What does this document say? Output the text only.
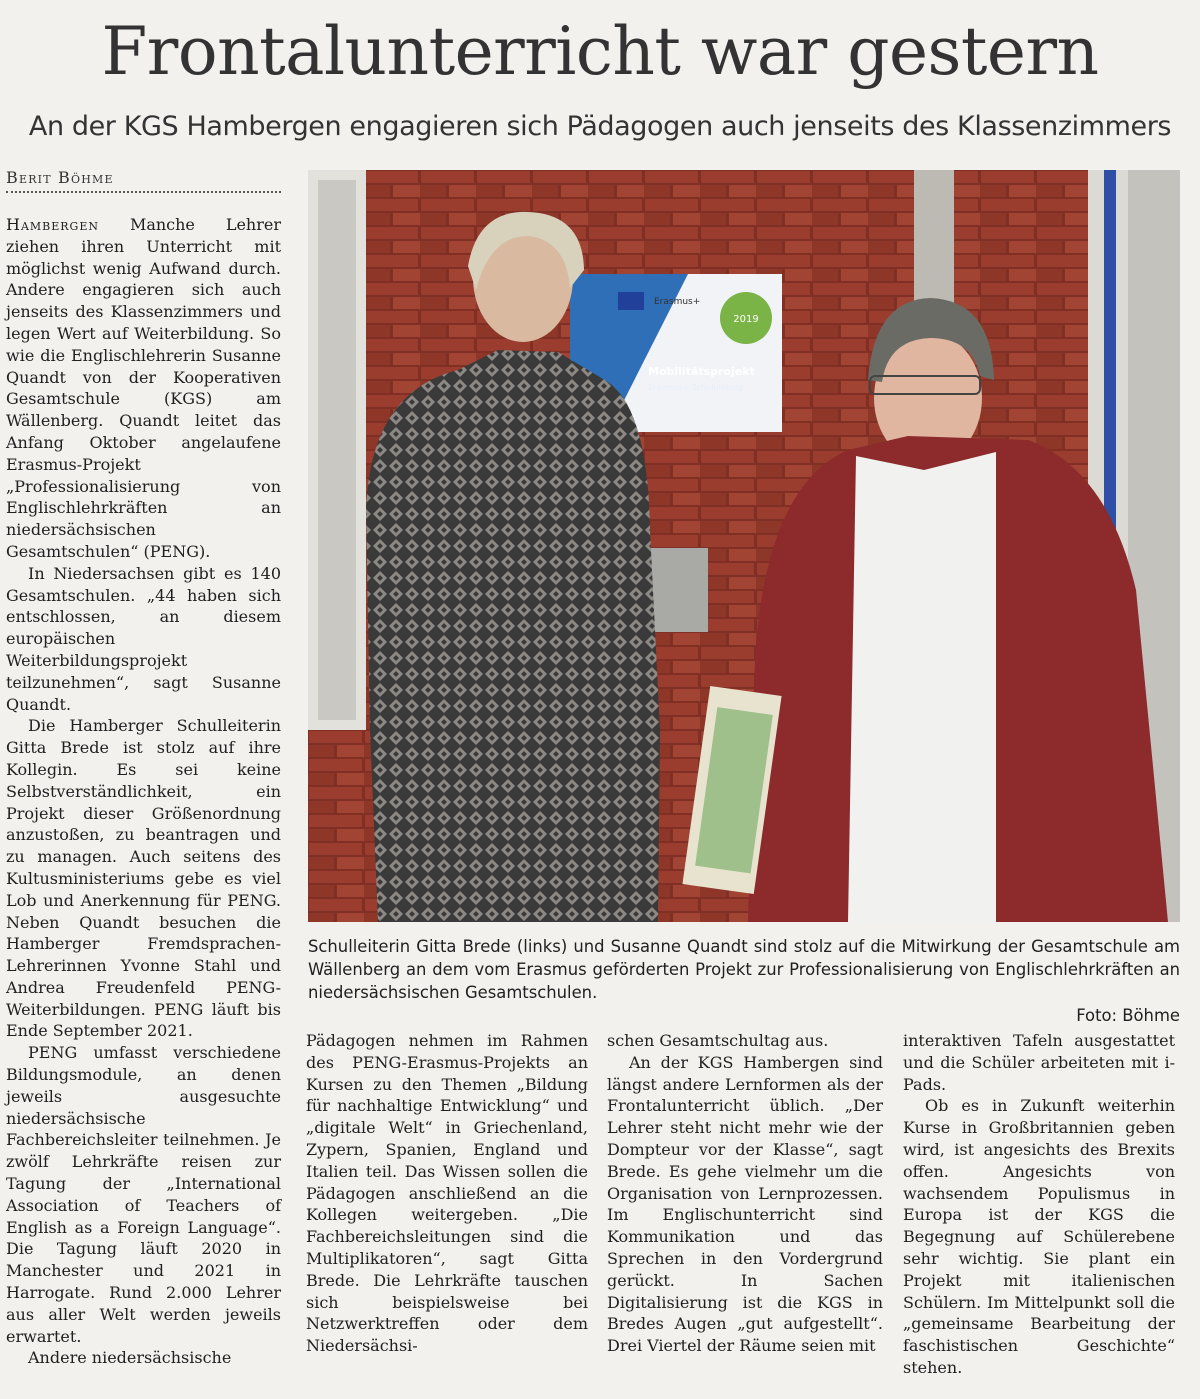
Frontalunterricht war gestern
An der KGS Hambergen engagieren sich Pädagogen auch jenseits des Klassenzimmers
Berit Böhme

Hambergen Manche Lehrer ziehen ihren Unterricht mit möglichst wenig Aufwand durch. Andere engagieren sich auch jenseits des Klassenzimmers und legen Wert auf Weiterbildung. So wie die Englischlehrerin Susanne Quandt von der Kooperativen Gesamtschule (KGS) am Wällenberg. Quandt leitet das Anfang Oktober angelaufene Erasmus-Projekt „Professionalisierung von Englischlehrkräften an niedersächsischen Gesamtschulen“ (PENG).

In Niedersachsen gibt es 140 Gesamtschulen. „44 haben sich entschlossen, an diesem europäischen Weiterbildungsprojekt teilzunehmen“, sagt Susanne Quandt.

Die Hamberger Schulleiterin Gitta Brede ist stolz auf ihre Kollegin. Es sei keine Selbstverständlichkeit, ein Projekt dieser Größenordnung anzustoßen, zu beantragen und zu managen. Auch seitens des Kultusministeriums gebe es viel Lob und Anerkennung für PENG. Neben Quandt besuchen die Hamberger Fremdsprachen-Lehrerinnen Yvonne Stahl und Andrea Freudenfeld PENG-Weiterbildungen. PENG läuft bis Ende September 2021.

PENG umfasst verschiedene Bildungsmodule, an denen jeweils ausgesuchte niedersächsische Fachbereichsleiter teilnehmen. Je zwölf Lehrkräfte reisen zur Tagung der „International Association of Teachers of English as a Foreign Language“. Die Tagung läuft 2020 in Manchester und 2021 in Harrogate. Rund 2.000 Lehrer aus aller Welt werden jeweils erwartet.

Andere niedersächsische

Erasmus+
2019
Mobilitätsprojekt
Erasmus+ Schulbildung
Schulleiterin Gitta Brede (links) und Susanne Quandt sind stolz auf die Mitwirkung der Gesamtschule am Wällenberg an dem vom Erasmus geförderten Projekt zur Professionalisierung von Englischlehrkräften an niedersächsischen Gesamtschulen.
Foto: Böhme

Pädagogen nehmen im Rahmen des PENG-Erasmus-Projekts an Kursen zu den Themen „Bildung für nachhaltige Entwicklung“ und „digitale Welt“ in Griechenland, Zypern, Spanien, England und Italien teil. Das Wissen sollen die Pädagogen anschließend an die Kollegen weitergeben. „Die Fachbereichsleitungen sind die Multiplikatoren“, sagt Gitta Brede. Die Lehrkräfte tauschen sich beispielsweise bei Netzwerktreffen oder dem Niedersächsi-

schen Gesamtschultag aus.

An der KGS Hambergen sind längst andere Lernformen als der Frontalunterricht üblich. „Der Lehrer steht nicht mehr wie der Dompteur vor der Klasse“, sagt Brede. Es gehe vielmehr um die Organisation von Lernprozessen. Im Englischunterricht sind Kommunikation und das Sprechen in den Vordergrund gerückt. In Sachen Digitalisierung ist die KGS in Bredes Augen „gut aufgestellt“. Drei Viertel der Räume seien mit

interaktiven Tafeln ausgestattet und die Schüler arbeiteten mit i-Pads.

Ob es in Zukunft weiterhin Kurse in Großbritannien geben wird, ist angesichts des Brexits offen. Angesichts von wachsendem Populismus in Europa ist der KGS die Begegnung auf Schülerebene sehr wichtig. Sie plant ein Projekt mit italienischen Schülern. Im Mittelpunkt soll die „gemeinsame Bearbeitung der faschistischen Geschichte“ stehen.
